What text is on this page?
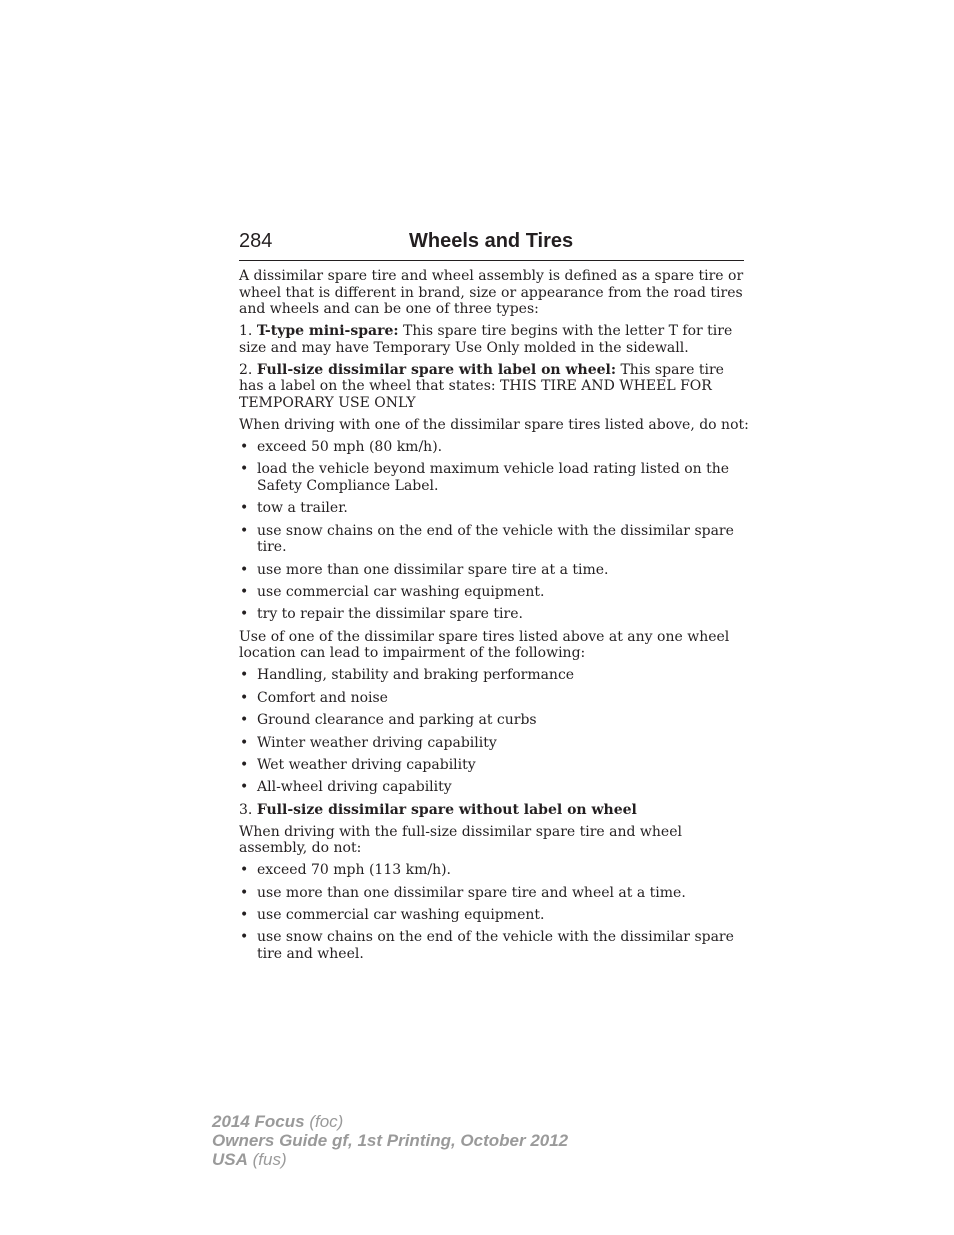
284	Wheels and Tires

A dissimilar spare tire and wheel assembly is defined as a spare tire or wheel that is different in brand, size or appearance from the road tires and wheels and can be one of three types:

1. T-type mini-spare: This spare tire begins with the letter T for tire size and may have Temporary Use Only molded in the sidewall.

2. Full-size dissimilar spare with label on wheel: This spare tire has a label on the wheel that states: THIS TIRE AND WHEEL FOR TEMPORARY USE ONLY

When driving with one of the dissimilar spare tires listed above, do not:

• exceed 50 mph (80 km/h).
• load the vehicle beyond maximum vehicle load rating listed on the Safety Compliance Label.
• tow a trailer.
• use snow chains on the end of the vehicle with the dissimilar spare tire.
• use more than one dissimilar spare tire at a time.
• use commercial car washing equipment.
• try to repair the dissimilar spare tire.

Use of one of the dissimilar spare tires listed above at any one wheel location can lead to impairment of the following:

• Handling, stability and braking performance
• Comfort and noise
• Ground clearance and parking at curbs
• Winter weather driving capability
• Wet weather driving capability
• All-wheel driving capability

3. Full-size dissimilar spare without label on wheel

When driving with the full-size dissimilar spare tire and wheel assembly, do not:

• exceed 70 mph (113 km/h).
• use more than one dissimilar spare tire and wheel at a time.
• use commercial car washing equipment.
• use snow chains on the end of the vehicle with the dissimilar spare tire and wheel.
2014 Focus (foc)
Owners Guide gf, 1st Printing, October 2012
USA (fus)
